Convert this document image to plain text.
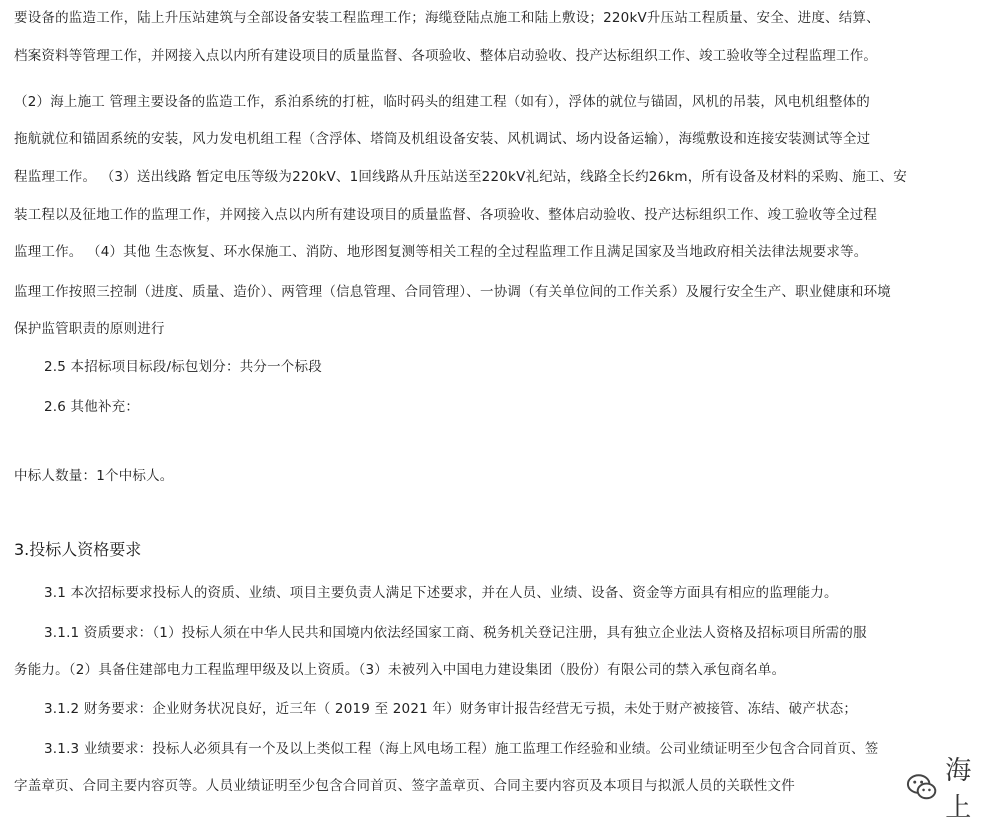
要设备的监造工作，陆上升压站建筑与全部设备安装工程监理工作；海缆登陆点施工和陆上敷设；220kV升压站工程质量、安全、进度、结算、
档案资料等管理工作，并网接入点以内所有建设项目的质量监督、各项验收、整体启动验收、投产达标组织工作、竣工验收等全过程监理工作。
（2）海上施工 管理主要设备的监造工作，系泊系统的打桩，临时码头的组建工程（如有），浮体的就位与锚固，风机的吊装，风电机组整体的
拖航就位和锚固系统的安装，风力发电机组工程（含浮体、塔筒及机组设备安装、风机调试、场内设备运输），海缆敷设和连接安装测试等全过
程监理工作。 （3）送出线路 暂定电压等级为220kV、1回线路从升压站送至220kV礼纪站，线路全长约26km，所有设备及材料的采购、施工、安
装工程以及征地工作的监理工作，并网接入点以内所有建设项目的质量监督、各项验收、整体启动验收、投产达标组织工作、竣工验收等全过程
监理工作。 （4）其他 生态恢复、环水保施工、消防、地形图复测等相关工程的全过程监理工作且满足国家及当地政府相关法律法规要求等。
监理工作按照三控制（进度、质量、造价）、两管理（信息管理、合同管理）、一协调（有关单位间的工作关系）及履行安全生产、职业健康和环境
保护监管职责的原则进行
2.5 本招标项目标段/标包划分：共分一个标段
2.6 其他补充：
中标人数量：1个中标人。
3.投标人资格要求
3.1 本次招标要求投标人的资质、业绩、项目主要负责人满足下述要求，并在人员、业绩、设备、资金等方面具有相应的监理能力。
3.1.1 资质要求：（1）投标人须在中华人民共和国境内依法经国家工商、税务机关登记注册，具有独立企业法人资格及招标项目所需的服
务能力。（2）具备住建部电力工程监理甲级及以上资质。（3）未被列入中国电力建设集团（股份）有限公司的禁入承包商名单。
3.1.2 财务要求：企业财务状况良好，近三年（ 2019 至 2021 年）财务审计报告经营无亏损，未处于财产被接管、冻结、破产状态；
3.1.3 业绩要求：投标人必须具有一个及以上类似工程（海上风电场工程）施工监理工作经验和业绩。公司业绩证明至少包含合同首页、签
字盖章页、合同主要内容页等。人员业绩证明至少包含合同首页、签字盖章页、合同主要内容页及本项目与拟派人员的关联性文件	海上
